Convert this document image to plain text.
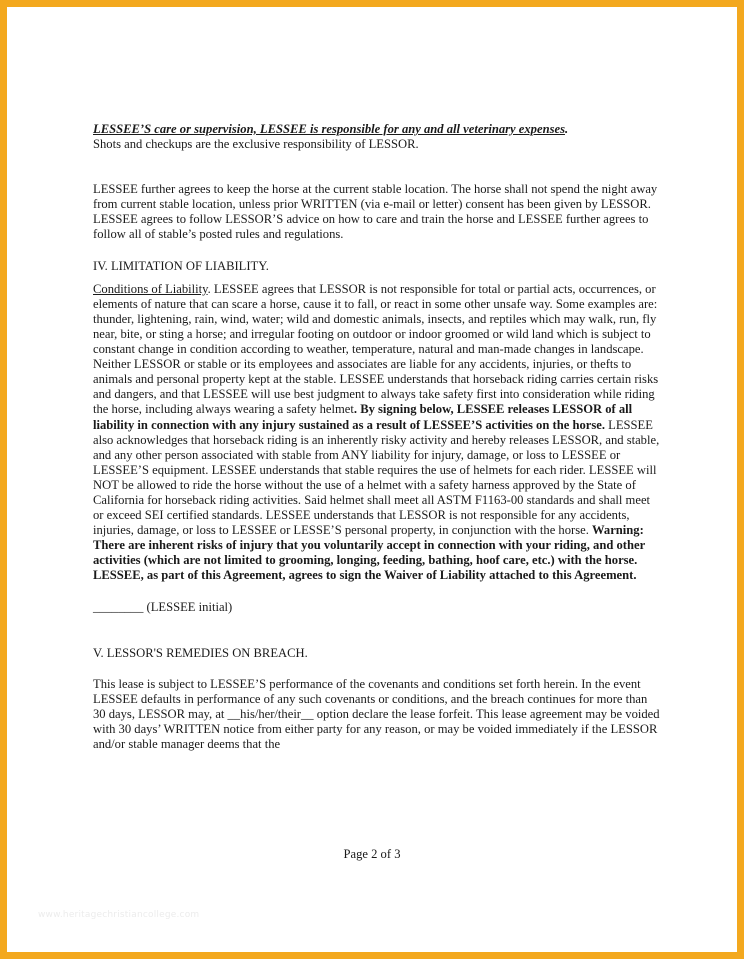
LESSEE’S care or supervision, LESSEE is responsible for any and all veterinary expenses.
Shots and checkups are the exclusive responsibility of LESSOR.

LESSEE further agrees to keep the horse at the current stable location. The horse shall not spend the night away from current stable location, unless prior WRITTEN (via e-mail or letter) consent has been given by LESSOR. LESSEE agrees to follow LESSOR’S advice on how to care and train the horse and LESSEE further agrees to follow all of stable’s posted rules and regulations.

IV. LIMITATION OF LIABILITY.

Conditions of Liability. LESSEE agrees that LESSOR is not responsible for total or partial acts, occurrences, or elements of nature that can scare a horse, cause it to fall, or react in some other unsafe way. Some examples are: thunder, lightening, rain, wind, water; wild and domestic animals, insects, and reptiles which may walk, run, fly near, bite, or sting a horse; and irregular footing on outdoor or indoor groomed or wild land which is subject to constant change in condition according to weather, temperature, natural and man-made changes in landscape. Neither LESSOR or stable or its employees and associates are liable for any accidents, injuries, or thefts to animals and personal property kept at the stable. LESSEE understands that horseback riding carries certain risks and dangers, and that LESSEE will use best judgment to always take safety first into consideration while riding the horse, including always wearing a safety helmet. By signing below, LESSEE releases LESSOR of all liability in connection with any injury sustained as a result of LESSEE’S activities on the horse. LESSEE also acknowledges that horseback riding is an inherently risky activity and hereby releases LESSOR, and stable, and any other person associated with stable from ANY liability for injury, damage, or loss to LESSEE or LESSEE’S equipment. LESSEE understands that stable requires the use of helmets for each rider. LESSEE will NOT be allowed to ride the horse without the use of a helmet with a safety harness approved by the State of California for horseback riding activities. Said helmet shall meet all ASTM F1163-00 standards and shall meet or exceed SEI certified standards. LESSEE understands that LESSOR is not responsible for any accidents, injuries, damage, or loss to LESSEE or LESSE’S personal property, in conjunction with the horse. Warning: There are inherent risks of injury that you voluntarily accept in connection with your riding, and other activities (which are not limited to grooming, longing, feeding, bathing, hoof care, etc.) with the horse. LESSEE, as part of this Agreement, agrees to sign the Waiver of Liability attached to this Agreement.

________ (LESSEE initial)

V. LESSOR'S REMEDIES ON BREACH.

This lease is subject to LESSEE’S performance of the covenants and conditions set forth herein. In the event LESSEE defaults in performance of any such covenants or conditions, and the breach continues for more than 30 days, LESSOR may, at __his/her/their__ option declare the lease forfeit. This lease agreement may be voided with 30 days’ WRITTEN notice from either party for any reason, or may be voided immediately if the LESSOR and/or stable manager deems that the

Page 2 of 3
www.heritagechristiancollege.com
